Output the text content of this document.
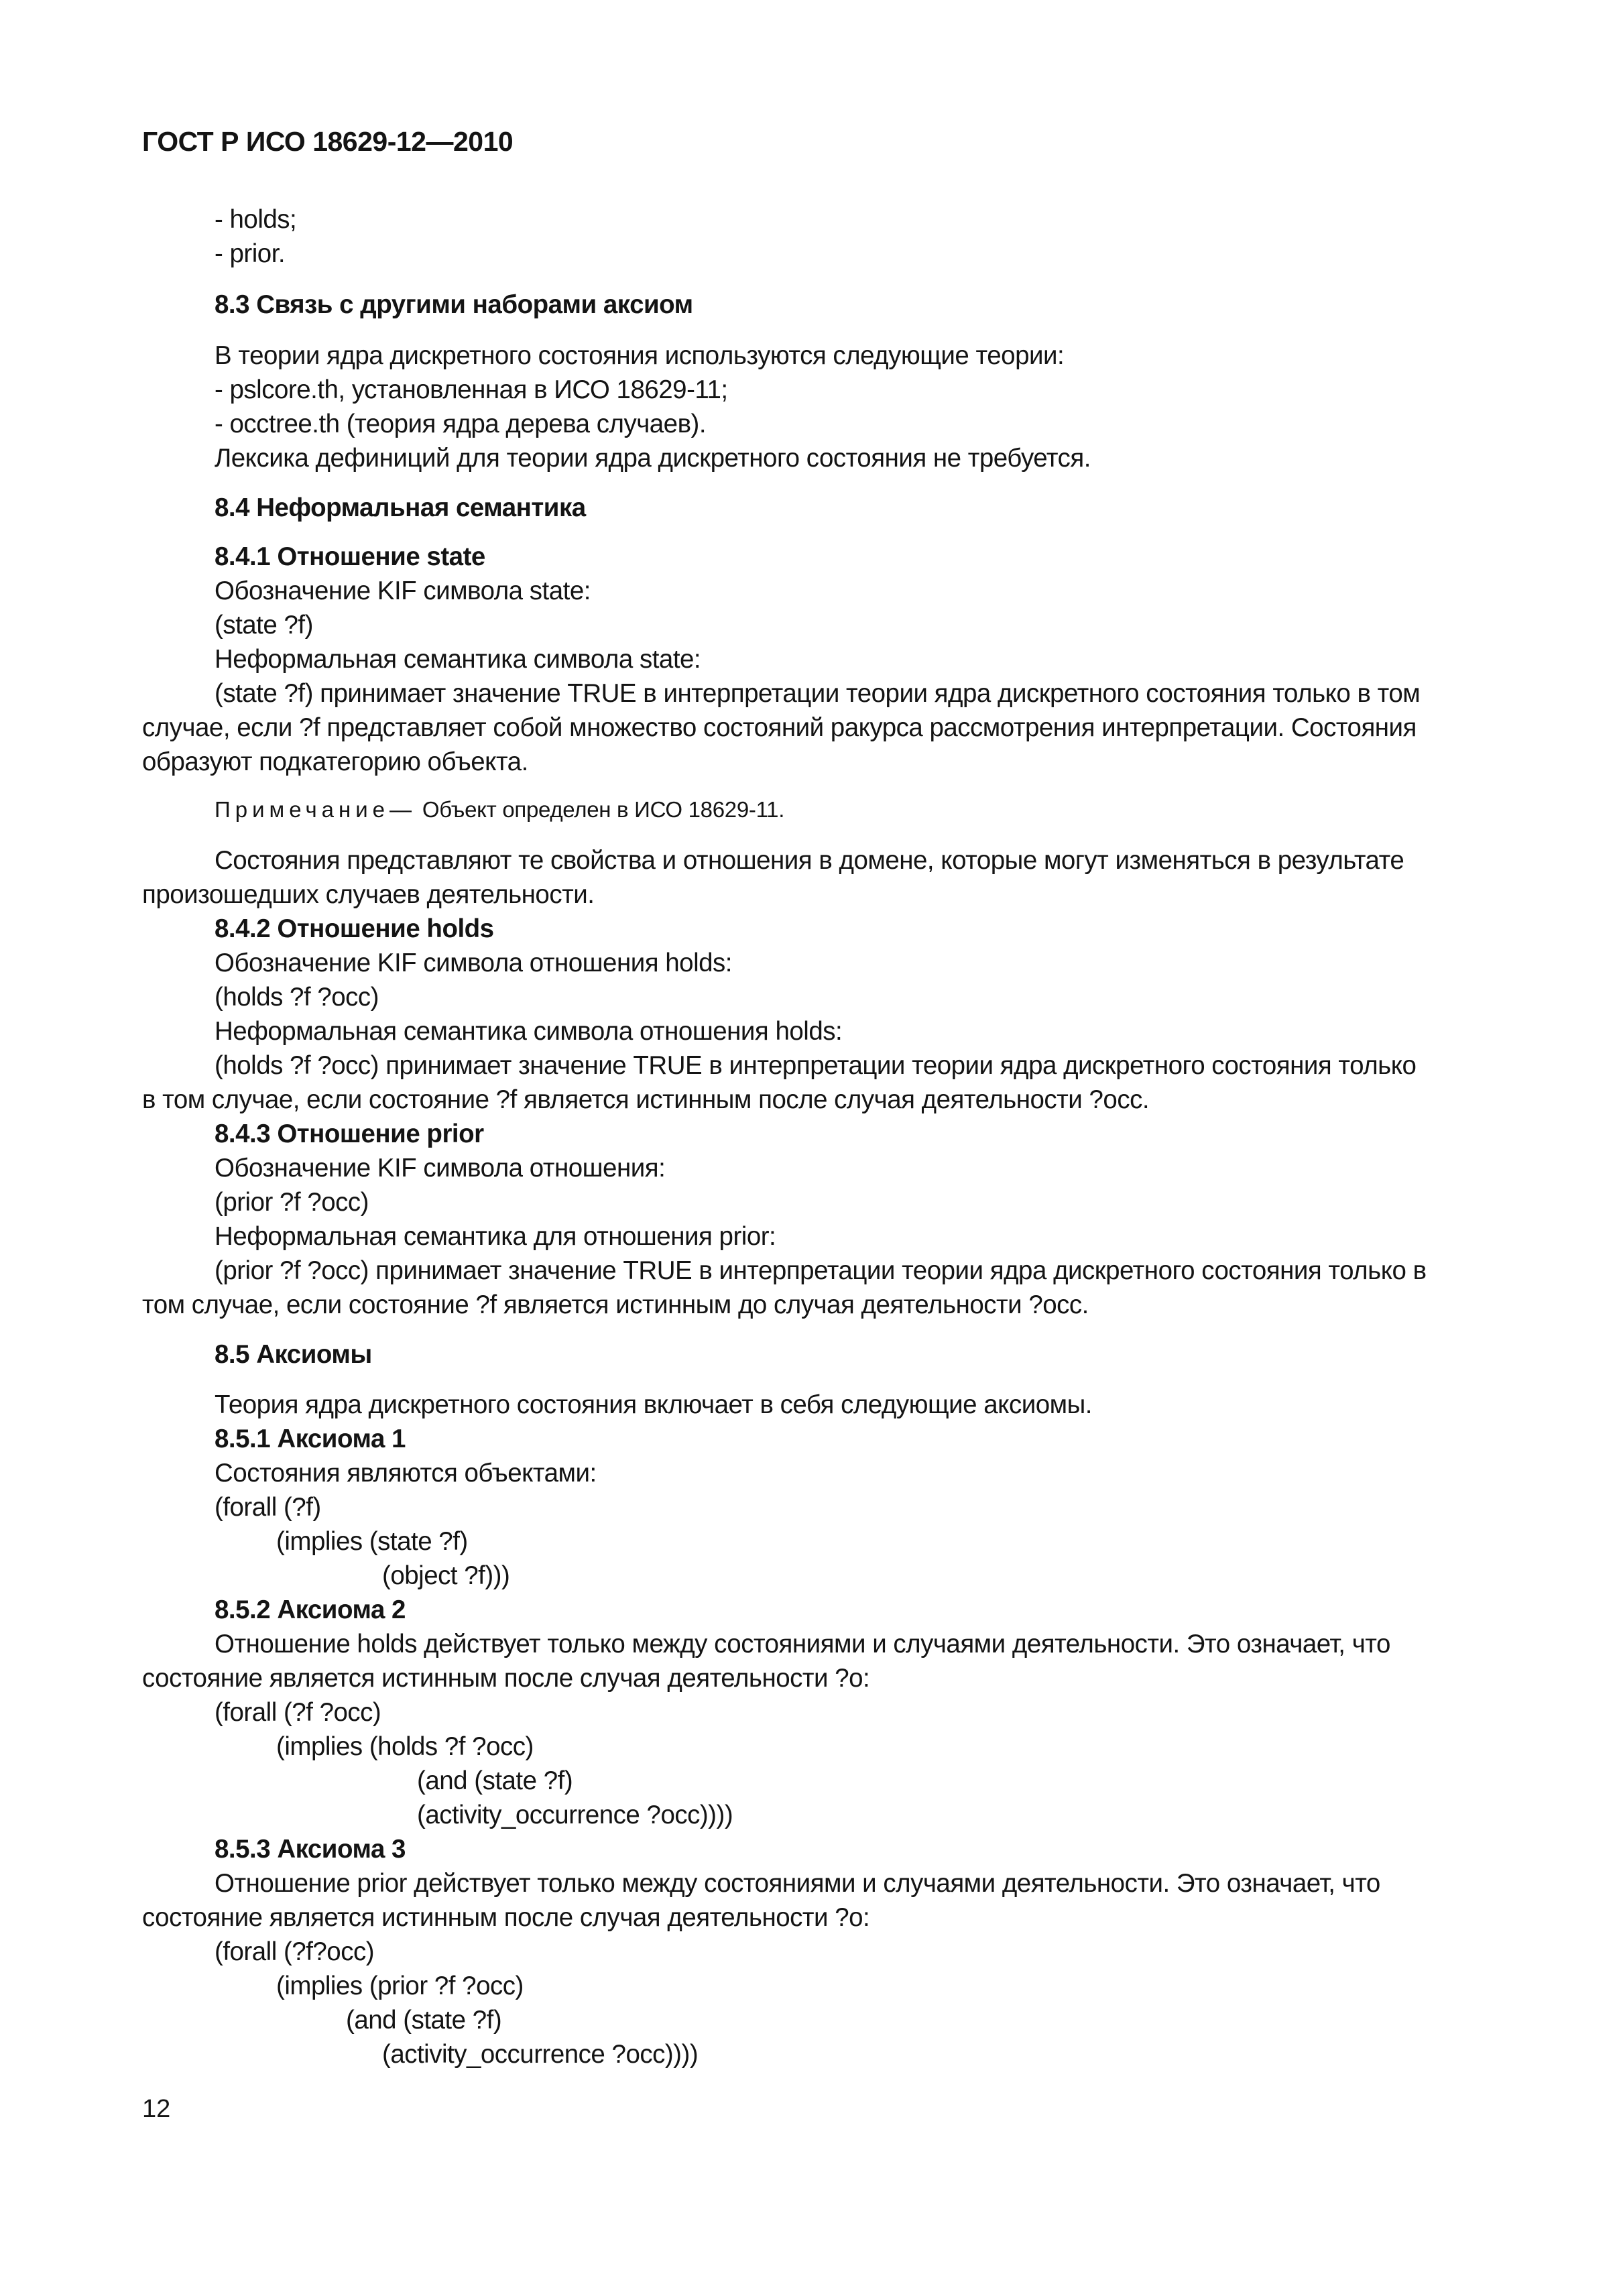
ГОСТ Р ИСО 18629-12—2010
- holds;
- prior.
8.3 Связь с другими наборами аксиом
В теории ядра дискретного состояния используются следующие теории:
- pslcore.th, установленная в ИСО 18629-11;
- occtree.th (теория ядра дерева случаев).
Лексика дефиниций для теории ядра дискретного состояния не требуется.
8.4 Неформальная семантика
8.4.1 Отношение state
Обозначение KIF символа state:
(state ?f)
Неформальная семантика символа state:
(state ?f) принимает значение TRUE в интерпретации теории ядра дискретного состояния только в том
случае, если ?f представляет собой множество состояний ракурса рассмотрения интерпретации. Состояния
образуют подкатегорию объекта.
Примечание— Объект определен в ИСО 18629-11.
Состояния представляют те свойства и отношения в домене, которые могут изменяться в результате
произошедших случаев деятельности.
8.4.2 Отношение holds
Обозначение KIF символа отношения holds:
(holds ?f ?occ)
Неформальная семантика символа отношения holds:
(holds ?f ?occ) принимает значение TRUE в интерпретации теории ядра дискретного состояния только
в том случае, если состояние ?f является истинным после случая деятельности ?occ.
8.4.3 Отношение prior
Обозначение KIF символа отношения:
(prior ?f ?occ)
Неформальная семантика для отношения prior:
(prior ?f ?occ) принимает значение TRUE в интерпретации теории ядра дискретного состояния только в
том случае, если состояние ?f является истинным до случая деятельности ?occ.
8.5 Аксиомы
Теория ядра дискретного состояния включает в себя следующие аксиомы.
8.5.1 Аксиома 1
Состояния являются объектами:
(forall (?f)
(implies (state ?f)
(object ?f)))
8.5.2 Аксиома 2
Отношение holds действует только между состояниями и случаями деятельности. Это означает, что
состояние является истинным после случая деятельности ?o:
(forall (?f ?occ)
(implies (holds ?f ?occ)
(and (state ?f)
(activity_occurrence ?occ))))
8.5.3 Аксиома 3
Отношение prior действует только между состояниями и случаями деятельности. Это означает, что
состояние является истинным после случая деятельности ?o:
(forall (?f?occ)
(implies (prior ?f ?occ)
(and (state ?f)
(activity_occurrence ?occ))))
12
